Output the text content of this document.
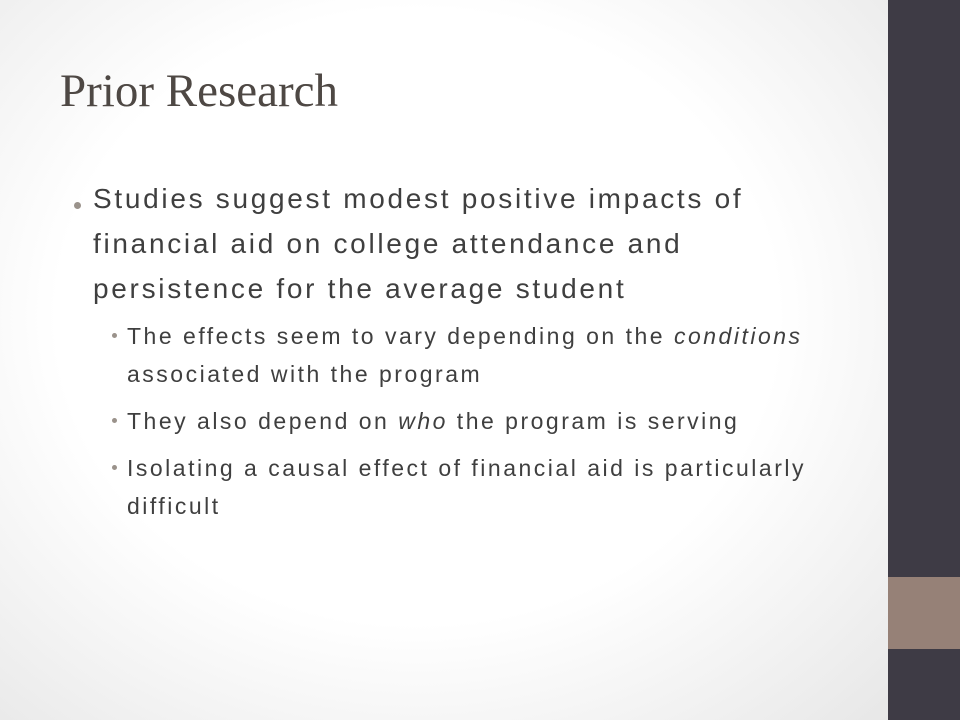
Prior Research

Studies suggest modest positive impacts of financial aid on college attendance and persistence for the average student

The effects seem to vary depending on the conditions associated with the program
They also depend on who the program is serving
Isolating a causal effect of financial aid is particularly difficult
